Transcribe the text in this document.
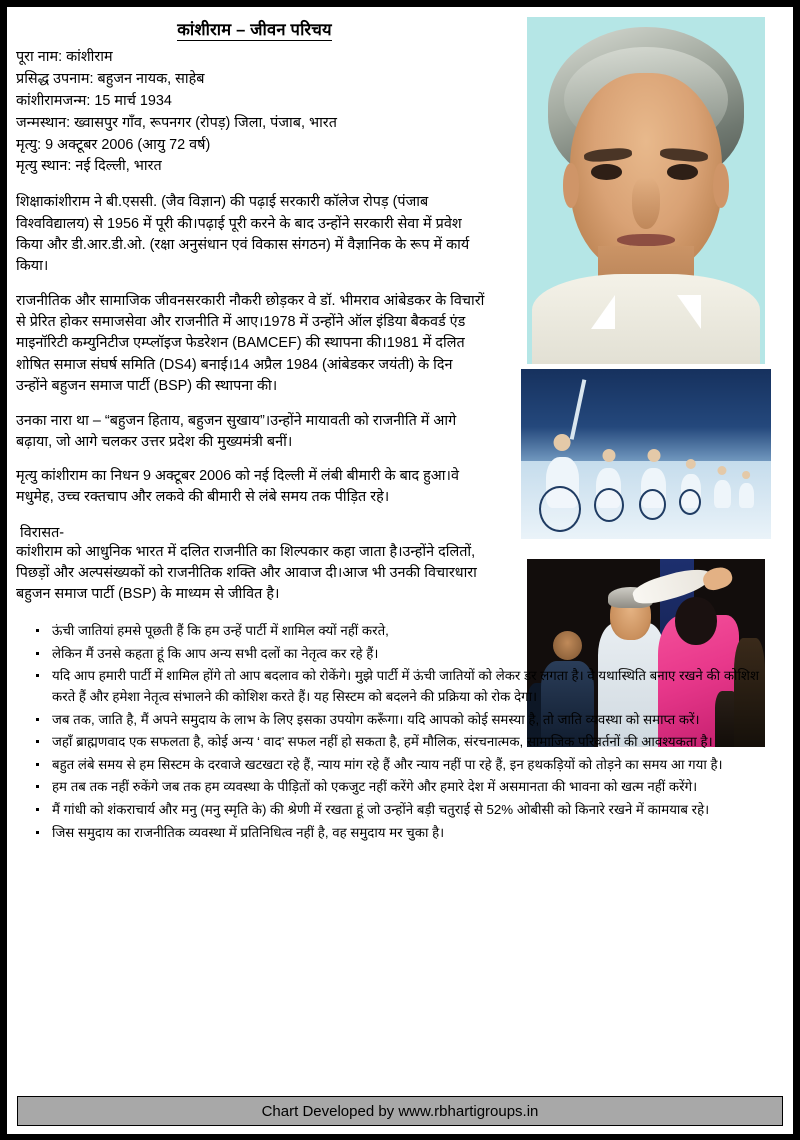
कांशीराम – जीवन परिचय
पूरा नाम: कांशीराम
प्रसिद्ध उपनाम: बहुजन नायक, साहेब
कांशीरामजन्म: 15 मार्च 1934
जन्मस्थान: ख्वासपुर गाँव, रूपनगर (रोपड़) जिला, पंजाब, भारत
मृत्यु: 9 अक्टूबर 2006 (आयु 72 वर्ष)
मृत्यु स्थान: नई दिल्ली, भारत

शिक्षाकांशीराम ने बी.एससी. (जैव विज्ञान) की पढ़ाई सरकारी कॉलेज रोपड़ (पंजाब विश्वविद्यालय) से 1956 में पूरी की।पढ़ाई पूरी करने के बाद उन्होंने सरकारी सेवा में प्रवेश किया और डी.आर.डी.ओ. (रक्षा अनुसंधान एवं विकास संगठन) में वैज्ञानिक के रूप में कार्य किया।

राजनीतिक और सामाजिक जीवनसरकारी नौकरी छोड़कर वे डॉ. भीमराव आंबेडकर के विचारों से प्रेरित होकर समाजसेवा और राजनीति में आए।1978 में उन्होंने ऑल इंडिया बैकवर्ड एंड माइनॉरिटी कम्युनिटीज एम्प्लॉइज फेडरेशन (BAMCEF) की स्थापना की।1981 में दलित शोषित समाज संघर्ष समिति (DS4) बनाई।14 अप्रैल 1984 (आंबेडकर जयंती) के दिन उन्होंने बहुजन समाज पार्टी (BSP) की स्थापना की।

उनका नारा था – “बहुजन हिताय, बहुजन सुखाय”।उन्होंने मायावती को राजनीति में आगे बढ़ाया, जो आगे चलकर उत्तर प्रदेश की मुख्यमंत्री बनीं।

मृत्यु कांशीराम का निधन 9 अक्टूबर 2006 को नई दिल्ली में लंबी बीमारी के बाद हुआ।वे मधुमेह, उच्च रक्तचाप और लकवे की बीमारी से लंबे समय तक पीड़ित रहे।

विरासत-

कांशीराम को आधुनिक भारत में दलित राजनीति का शिल्पकार कहा जाता है।उन्होंने दलितों, पिछड़ों और अल्पसंख्यकों को राजनीतिक शक्ति और आवाज दी।आज भी उनकी विचारधारा बहुजन समाज पार्टी (BSP) के माध्यम से जीवित है।

ऊंची जातियां हमसे पूछती हैं कि हम उन्हें पार्टी में शामिल क्यों नहीं करते,
लेकिन मैं उनसे कहता हूं कि आप अन्य सभी दलों का नेतृत्व कर रहे हैं।
यदि आप हमारी पार्टी में शामिल होंगे तो आप बदलाव को रोकेंगे। मुझे पार्टी में ऊंची जातियों को लेकर डर लगता है। वे यथास्थिति बनाए रखने की कोशिश करते हैं और हमेशा नेतृत्व संभालने की कोशिश करते हैं। यह सिस्टम को बदलने की प्रक्रिया को रोक देगा।
जब तक, जाति है, मैं अपने समुदाय के लाभ के लिए इसका उपयोग करूँगा। यदि आपको कोई समस्या है, तो जाति व्यवस्था को समाप्त करें।
जहाँ ब्राह्मणवाद एक सफलता है, कोई अन्य ‘ वाद’ सफल नहीं हो सकता है, हमें मौलिक, संरचनात्मक, सामाजिक परिवर्तनों की आवश्यकता है।
बहुत लंबे समय से हम सिस्टम के दरवाजे खटखटा रहे हैं, न्याय मांग रहे हैं और न्याय नहीं पा रहे हैं, इन हथकड़ियों को तोड़ने का समय आ गया है।
हम तब तक नहीं रुकेंगे जब तक हम व्यवस्था के पीड़ितों को एकजुट नहीं करेंगे और हमारे देश में असमानता की भावना को खत्म नहीं करेंगे।
मैं गांधी को शंकराचार्य और मनु (मनु स्मृति के) की श्रेणी में रखता हूं जो उन्होंने बड़ी चतुराई से 52% ओबीसी को किनारे रखने में कामयाब रहे।
जिस समुदाय का राजनीतिक व्यवस्था में प्रतिनिधित्व नहीं है, वह समुदाय मर चुका है।
Chart Developed by www.rbhartigroups.in
